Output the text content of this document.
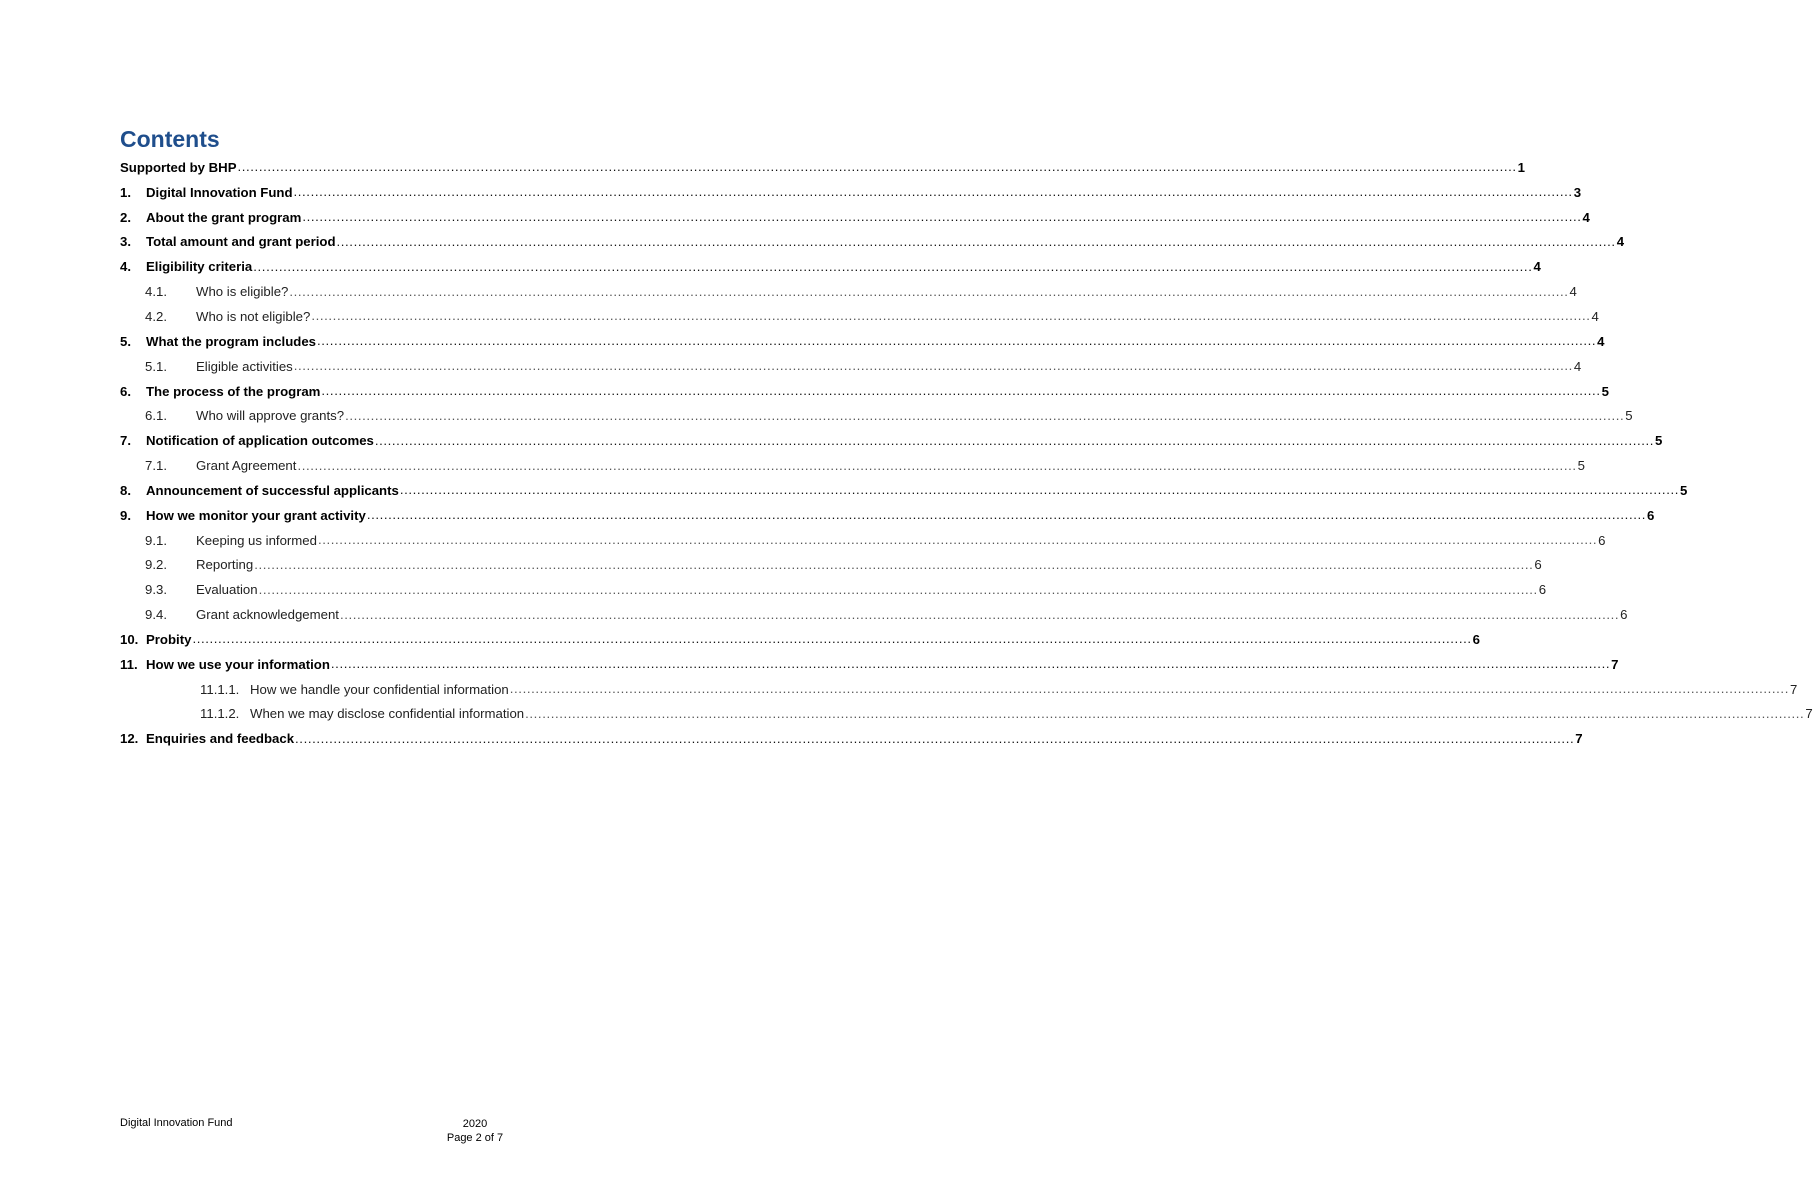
Contents
Supported by BHP ............................................................................................................................................................................................................................................................................................................ 1
1.	Digital Innovation Fund ............................................................................................................................................................................................................................................................................................................ 3
2.	About the grant program ............................................................................................................................................................................................................................................................................................................ 4
3.	Total amount and grant period ............................................................................................................................................................................................................................................................................................................ 4
4.	Eligibility criteria ............................................................................................................................................................................................................................................................................................................ 4
4.1.	Who is eligible? ............................................................................................................................................................................................................................................................................................................ 4
4.2.	Who is not eligible? ............................................................................................................................................................................................................................................................................................................ 4
5.	What the program includes ............................................................................................................................................................................................................................................................................................................ 4
5.1.	Eligible activities ............................................................................................................................................................................................................................................................................................................ 4
6.	The process of the program ............................................................................................................................................................................................................................................................................................................ 5
6.1.	Who will approve grants? ............................................................................................................................................................................................................................................................................................................ 5
7.	Notification of application outcomes ............................................................................................................................................................................................................................................................................................................ 5
7.1.	Grant Agreement ............................................................................................................................................................................................................................................................................................................ 5
8.	Announcement of successful applicants ............................................................................................................................................................................................................................................................................................................ 5
9.	How we monitor your grant activity ............................................................................................................................................................................................................................................................................................................ 6
9.1.	Keeping us informed ............................................................................................................................................................................................................................................................................................................ 6
9.2.	Reporting ............................................................................................................................................................................................................................................................................................................ 6
9.3.	Evaluation ............................................................................................................................................................................................................................................................................................................ 6
9.4.	Grant acknowledgement ............................................................................................................................................................................................................................................................................................................ 6
10. Probity ............................................................................................................................................................................................................................................................................................................ 6
11. How we use your information ............................................................................................................................................................................................................................................................................................................ 7
11.1.1. How we handle your confidential information ............................................................................................................................................................................................................................................................................................................ 7
11.1.2. When we may disclose confidential information ............................................................................................................................................................................................................................................................................................................ 7
12. Enquiries and feedback ............................................................................................................................................................................................................................................................................................................ 7
Digital Innovation Fund	2020
Page 2 of 7
